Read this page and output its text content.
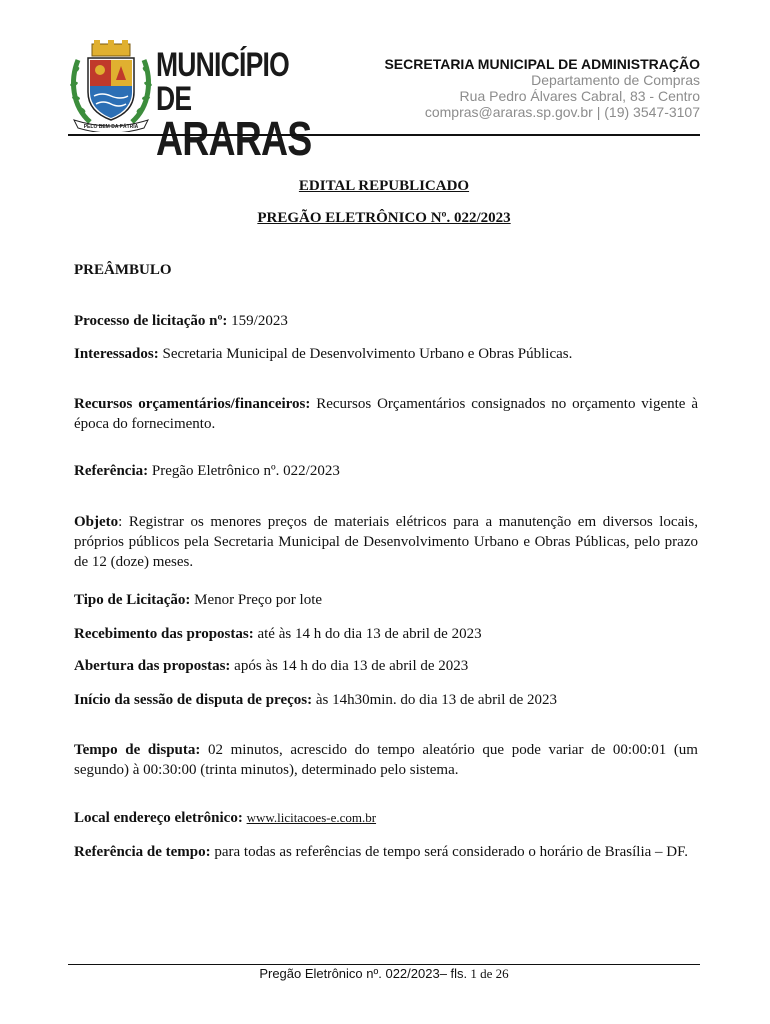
PELO BEM DA PÁTRIA
MUNICÍPIO DE
ARARAS
SECRETARIA MUNICIPAL DE ADMINISTRAÇÃO
Departamento de Compras
Rua Pedro Álvares Cabral, 83 - Centro
compras@araras.sp.gov.br | (19) 3547-3107
EDITAL REPUBLICADO
PREGÃO ELETRÔNICO Nº. 022/2023
PREÂMBULO
Processo de licitação nº: 159/2023
Interessados: Secretaria Municipal de Desenvolvimento Urbano e Obras Públicas.
Recursos orçamentários/financeiros: Recursos Orçamentários consignados no orçamento vigente à época do fornecimento.
Referência: Pregão Eletrônico nº. 022/2023
Objeto: Registrar os menores preços de materiais elétricos para a manutenção em diversos locais, próprios públicos pela Secretaria Municipal de Desenvolvimento Urbano e Obras Públicas, pelo prazo de 12 (doze) meses.
Tipo de Licitação: Menor Preço por lote
Recebimento das propostas: até às 14 h do dia 13 de abril de 2023
Abertura das propostas: após às 14 h do dia 13 de abril de 2023
Início da sessão de disputa de preços: às 14h30min. do dia 13 de abril de 2023
Tempo de disputa: 02 minutos, acrescido do tempo aleatório que pode variar de 00:00:01 (um segundo) à 00:30:00 (trinta minutos), determinado pelo sistema.
Local endereço eletrônico: www.licitacoes-e.com.br
Referência de tempo: para todas as referências de tempo será considerado o horário de Brasília – DF.
Pregão Eletrônico nº. 022/2023– fls. 1 de 26
